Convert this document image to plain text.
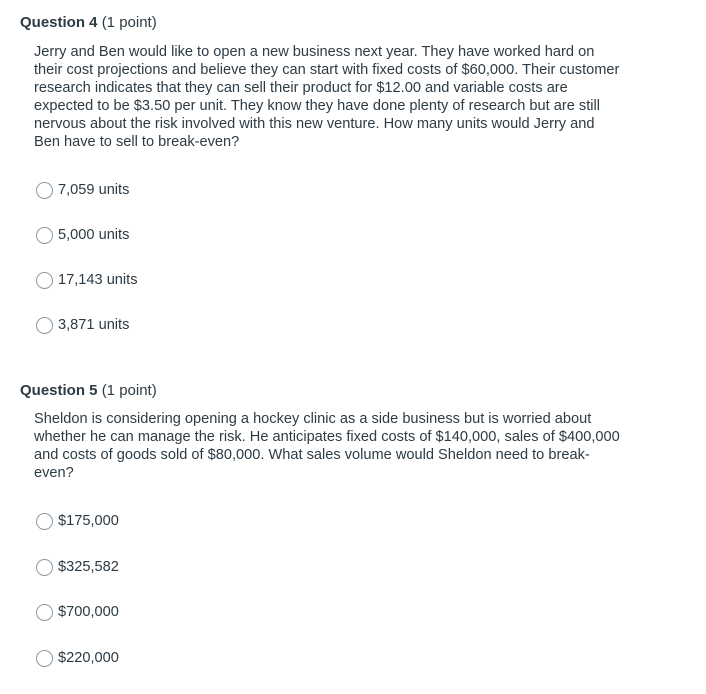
Question 4 (1 point)

Jerry and Ben would like to open a new business next year. They have worked hard on their cost projections and believe they can start with fixed costs of $60,000. Their customer research indicates that they can sell their product for $12.00 and variable costs are expected to be $3.50 per unit. They know they have done plenty of research but are still nervous about the risk involved with this new venture. How many units would Jerry and Ben have to sell to break-even?

7,059 units
5,000 units
17,143 units
3,871 units

Question 5 (1 point)

Sheldon is considering opening a hockey clinic as a side business but is worried about whether he can manage the risk. He anticipates fixed costs of $140,000, sales of $400,000 and costs of goods sold of $80,000. What sales volume would Sheldon need to break-even?

$175,000
$325,582
$700,000
$220,000
